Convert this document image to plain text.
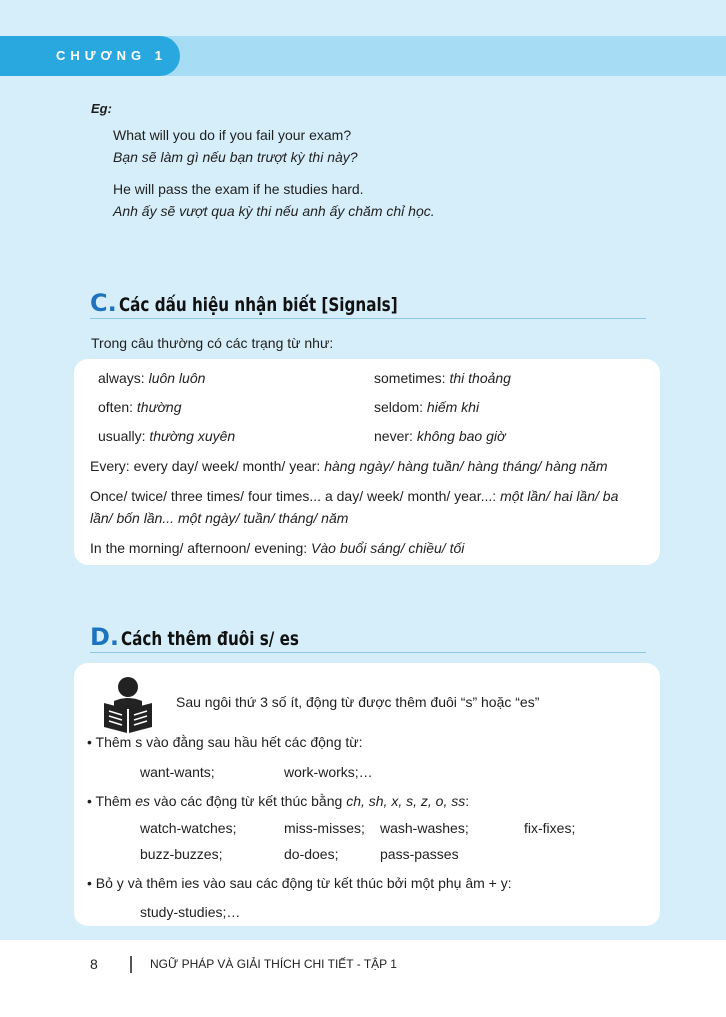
CHƯƠNG 1
Eg:
What will you do if you fail your exam?
Bạn sẽ làm gì nếu bạn trượt kỳ thi này?
He will pass the exam if he studies hard.
Anh ấy sẽ vượt qua kỳ thi nếu anh ấy chăm chỉ học.
C. Các dấu hiệu nhận biết [Signals]
Trong câu thường có các trạng từ như:
always: luôn luôn	sometimes: thi thoảng
often: thường	seldom: hiếm khi
usually: thường xuyên	never: không bao giờ
Every: every day/ week/ month/ year: hàng ngày/ hàng tuần/ hàng tháng/ hàng năm
Once/ twice/ three times/ four times... a day/ week/ month/ year...: một lần/ hai lần/ ba lần/ bốn lần... một ngày/ tuần/ tháng/ năm
In the morning/ afternoon/ evening: Vào buổi sáng/ chiều/ tối
D. Cách thêm đuôi s/ es
Sau ngôi thứ 3 số ít, động từ được thêm đuôi “s” hoặc “es”
• Thêm s vào đằng sau hầu hết các động từ:
want-wants;	work-works;…
• Thêm es vào các động từ kết thúc bằng ch, sh, x, s, z, o, ss:
watch-watches;	miss-misses; wash-washes;	fix-fixes;
buzz-buzzes;	do-does;	pass-passes
• Bỏ y và thêm ies vào sau các động từ kết thúc bởi một phụ âm + y:
study-studies;…
8	NGỮ PHÁP VÀ GIẢI THÍCH CHI TIẾT - TẬP 1
